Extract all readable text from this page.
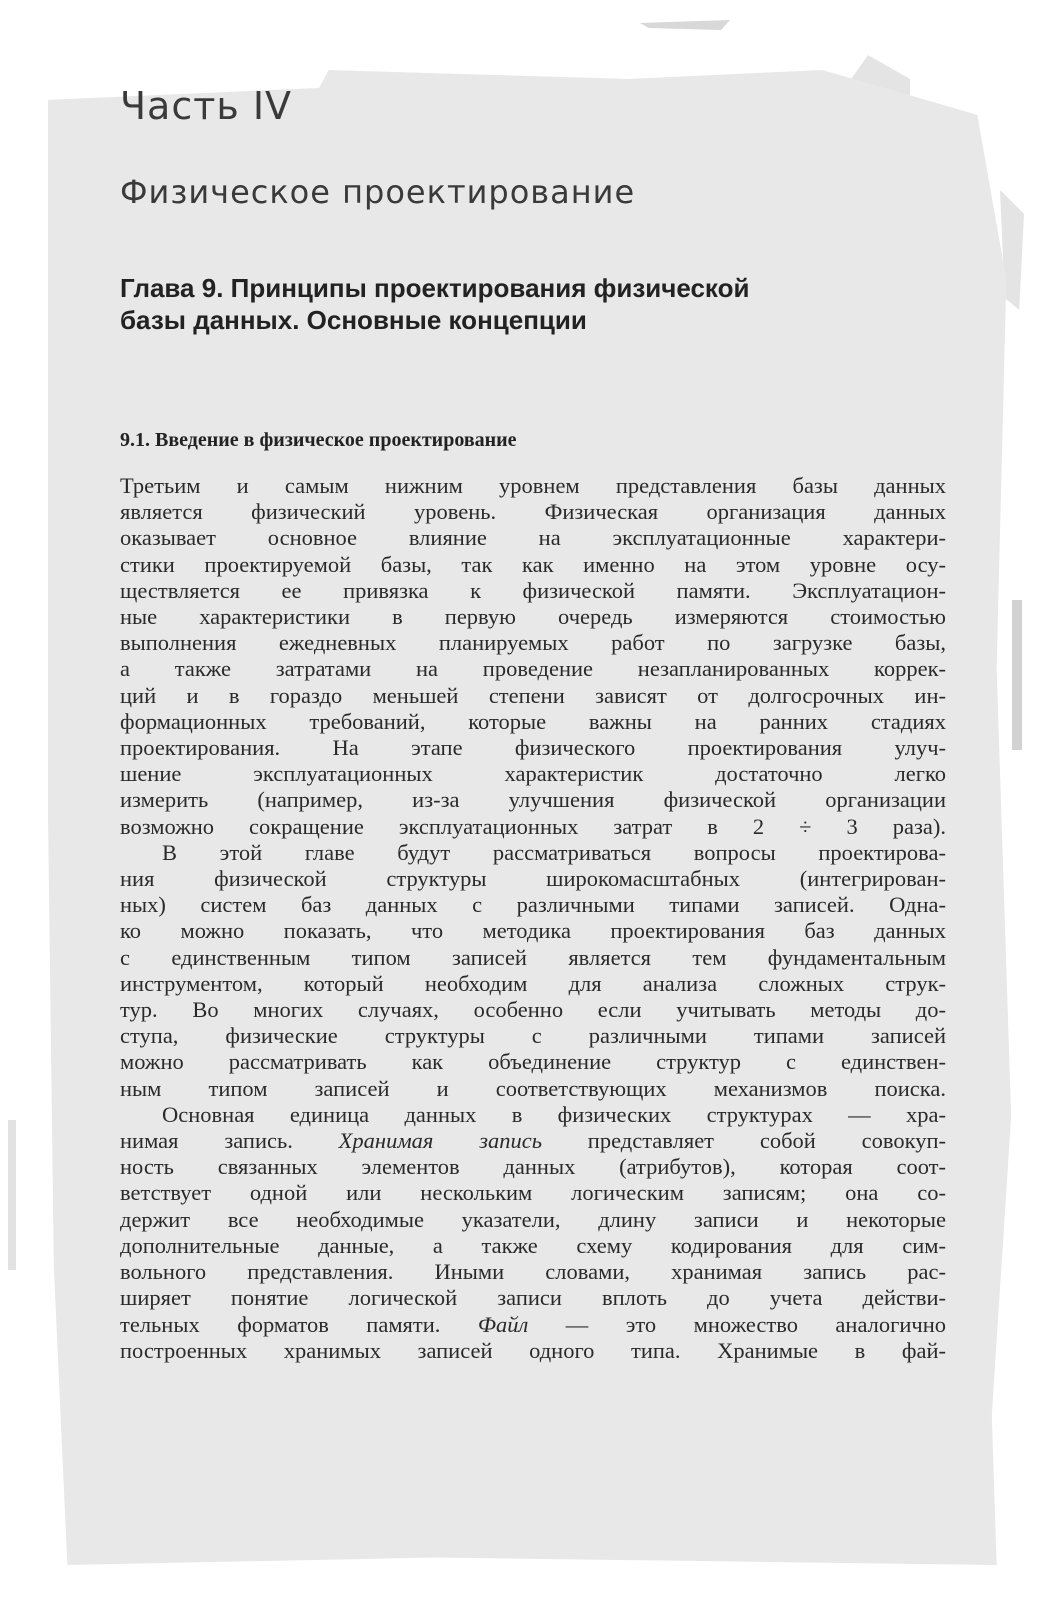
Часть IV
Физическое проектирование
Глава 9. Принципы проектирования физической
базы данных. Основные концепции
9.1. Введение в физическое проектирование
Третьим и самым нижним уровнем представления базы данных
является физический уровень. Физическая организация данных
оказывает основное влияние на эксплуатационные характери-
стики проектируемой базы, так как именно на этом уровне осу-
ществляется ее привязка к физической памяти. Эксплуатацион-
ные характеристики в первую очередь измеряются стоимостью
выполнения ежедневных планируемых работ по загрузке базы,
а также затратами на проведение незапланированных коррек-
ций и в гораздо меньшей степени зависят от долгосрочных ин-
формационных требований, которые важны на ранних стадиях
проектирования. На этапе физического проектирования улуч-
шение эксплуатационных характеристик достаточно легко
измерить (например, из-за улучшения физической организации
возможно сокращение эксплуатационных затрат в 2 ÷ 3 раза).
В этой главе будут рассматриваться вопросы проектирова-
ния физической структуры широкомасштабных (интегрирован-
ных) систем баз данных с различными типами записей. Одна-
ко можно показать, что методика проектирования баз данных
с единственным типом записей является тем фундаментальным
инструментом, который необходим для анализа сложных струк-
тур. Во многих случаях, особенно если учитывать методы до-
ступа, физические структуры с различными типами записей
можно рассматривать как объединение структур с единствен-
ным типом записей и соответствующих механизмов поиска.
Основная единица данных в физических структурах — хра-
нимая запись. Хранимая запись представляет собой совокуп-
ность связанных элементов данных (атрибутов), которая соот-
ветствует одной или нескольким логическим записям; она со-
держит все необходимые указатели, длину записи и некоторые
дополнительные данные, а также схему кодирования для сим-
вольного представления. Иными словами, хранимая запись рас-
ширяет понятие логической записи вплоть до учета действи-
тельных форматов памяти. Файл — это множество аналогично
построенных хранимых записей одного типа. Хранимые в фай-
